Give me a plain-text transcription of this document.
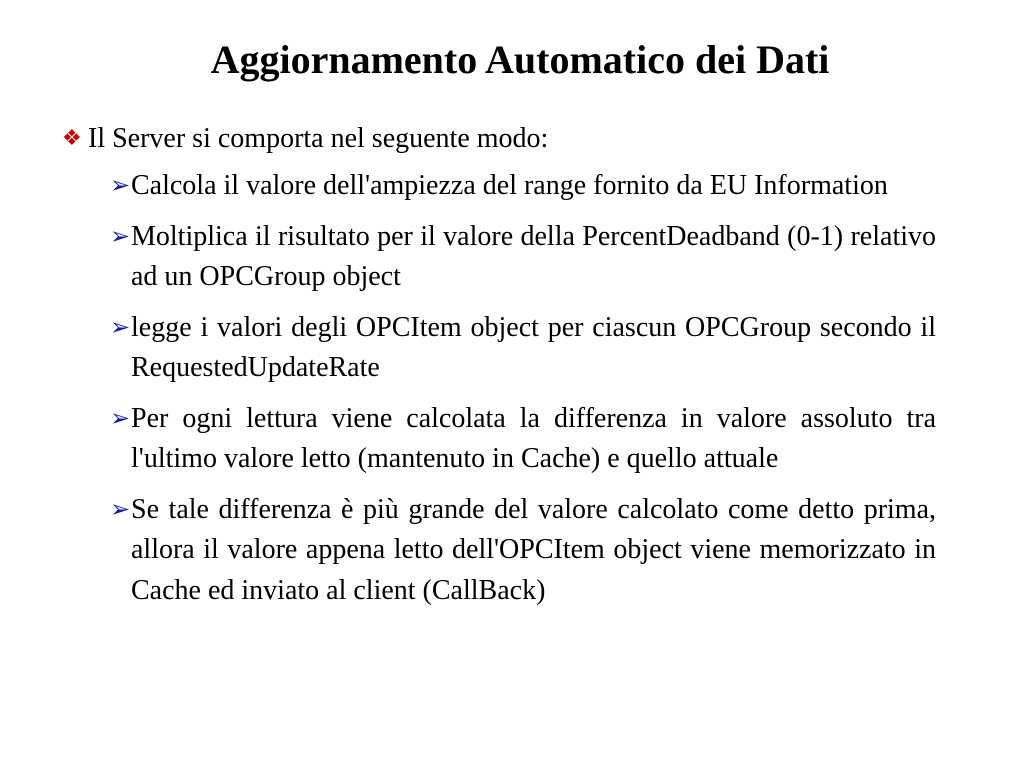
Aggiornamento Automatico dei Dati
❖ Il Server si comporta nel seguente modo:
➢ Calcola il valore dell'ampiezza del range fornito da EU Information
➢ Moltiplica il risultato per il valore della PercentDeadband (0-1) relativo ad un OPCGroup object
➢ legge i valori degli OPCItem object per ciascun OPCGroup secondo il RequestedUpdateRate
➢ Per ogni lettura viene calcolata la differenza in valore assoluto tra l'ultimo valore letto (mantenuto in Cache) e quello attuale
➢ Se tale differenza è più grande del valore calcolato come detto prima, allora il valore appena letto dell'OPCItem object viene memorizzato in Cache ed inviato al client (CallBack)
